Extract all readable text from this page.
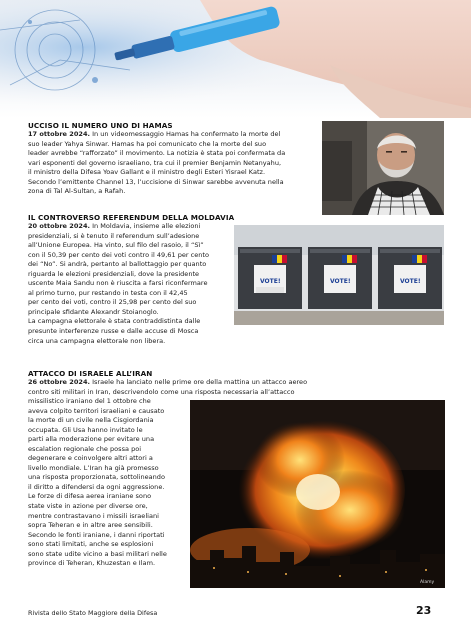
UCCISO IL NUMERO UNO DI HAMAS
17 ottobre 2024. In un videomessaggio Hamas ha confermato la morte del
suo leader Yahya Sinwar. Hamas ha poi comunicato che la morte del suo
leader avrebbe “rafforzato” il movimento. La notizia è stata poi confermata da
vari esponenti del governo israeliano, tra cui il premier Benjamin Netanyahu,
il ministro della Difesa Yoav Gallant e il ministro degli Esteri Yisrael Katz.
Secondo l’emittente Channel 13, l’uccisione di Sinwar sarebbe avvenuta nella
zona di Tal Al-Sultan, a Rafah.
IL CONTROVERSO REFERENDUM DELLA MOLDAVIA
20 ottobre 2024. In Moldavia, insieme alle elezioni
presidenziali, si è tenuto il referendum sull’adesione
all’Unione Europea. Ha vinto, sul filo del rasoio, il “Sì”
con il 50,39 per cento dei voti contro il 49,61 per cento
dei “No”. Si andrà, pertanto al ballottaggio per quanto
riguarda le elezioni presidenziali, dove la presidente
uscente Maia Sandu non è riuscita a farsi riconfermare
al primo turno, pur restando in testa con il 42,45
per cento dei voti, contro il 25,98 per cento del suo
principale sfidante Alexandr Stoianoglo.
La campagna elettorale è stata contraddistinta dalle
presunte interferenze russe e dalle accuse di Mosca
circa una campagna elettorale non libera.
VOTE!	VOTE!	VOTE!
ATTACCO DI ISRAELE ALL’IRAN
26 ottobre 2024. Israele ha lanciato nelle prime ore della mattina un attacco aereo
contro siti militari in Iran, descrivendolo come una risposta necessaria all’attacco
missilistico iraniano del 1 ottobre che
aveva colpito territori israeliani e causato
la morte di un civile nella Cisgiordania
occupata. Gli Usa hanno invitato le
parti alla moderazione per evitare una
escalation regionale che possa poi
degenerare e coinvolgere altri attori a
livello mondiale. L’Iran ha già promesso
una risposta proporzionata, sottolineando
il diritto a difendersi da ogni aggressione.
Le forze di difesa aerea iraniane sono
state viste in azione per diverse ore,
mentre contrastavano i missili israeliani
sopra Teheran e in altre aree sensibili.
Secondo le fonti iraniane, i danni riportati
sono stati limitati, anche se esplosioni
sono state udite vicino a basi militari nelle
province di Teheran, Khuzestan e Ilam.
Alamy
Rivista dello Stato Maggiore della Difesa	23
